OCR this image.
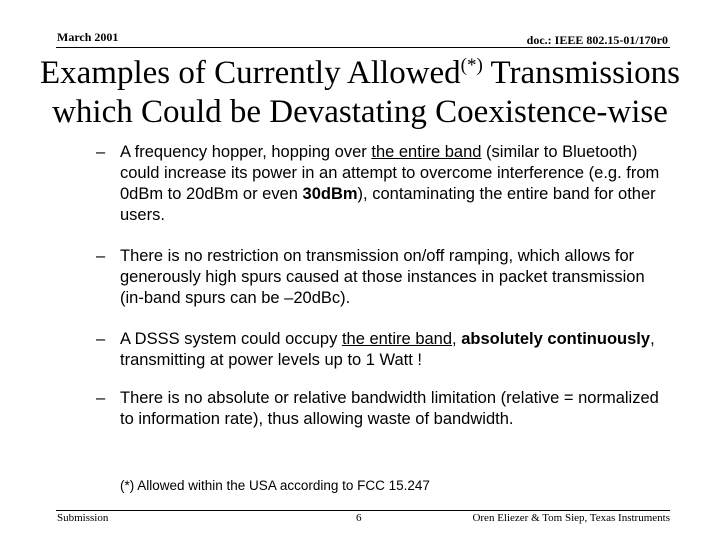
March 2001	doc.: IEEE 802.15-01/170r0
Examples of Currently Allowed(*) Transmissions
which Could be Devastating Coexistence-wise
– A frequency hopper, hopping over the entire band (similar to Bluetooth) could increase its power in an attempt to overcome interference (e.g. from 0dBm to 20dBm or even 30dBm), contaminating the entire band for other users.
– There is no restriction on transmission on/off ramping, which allows for generously high spurs caused at those instances in packet transmission (in-band spurs can be –20dBc).
– A DSSS system could occupy the entire band, absolutely continuously, transmitting at power levels up to 1 Watt !
– There is no absolute or relative bandwidth limitation (relative = normalized to information rate), thus allowing waste of bandwidth.
(*) Allowed within the USA according to FCC 15.247
Submission	6	Oren Eliezer & Tom Siep, Texas Instruments
